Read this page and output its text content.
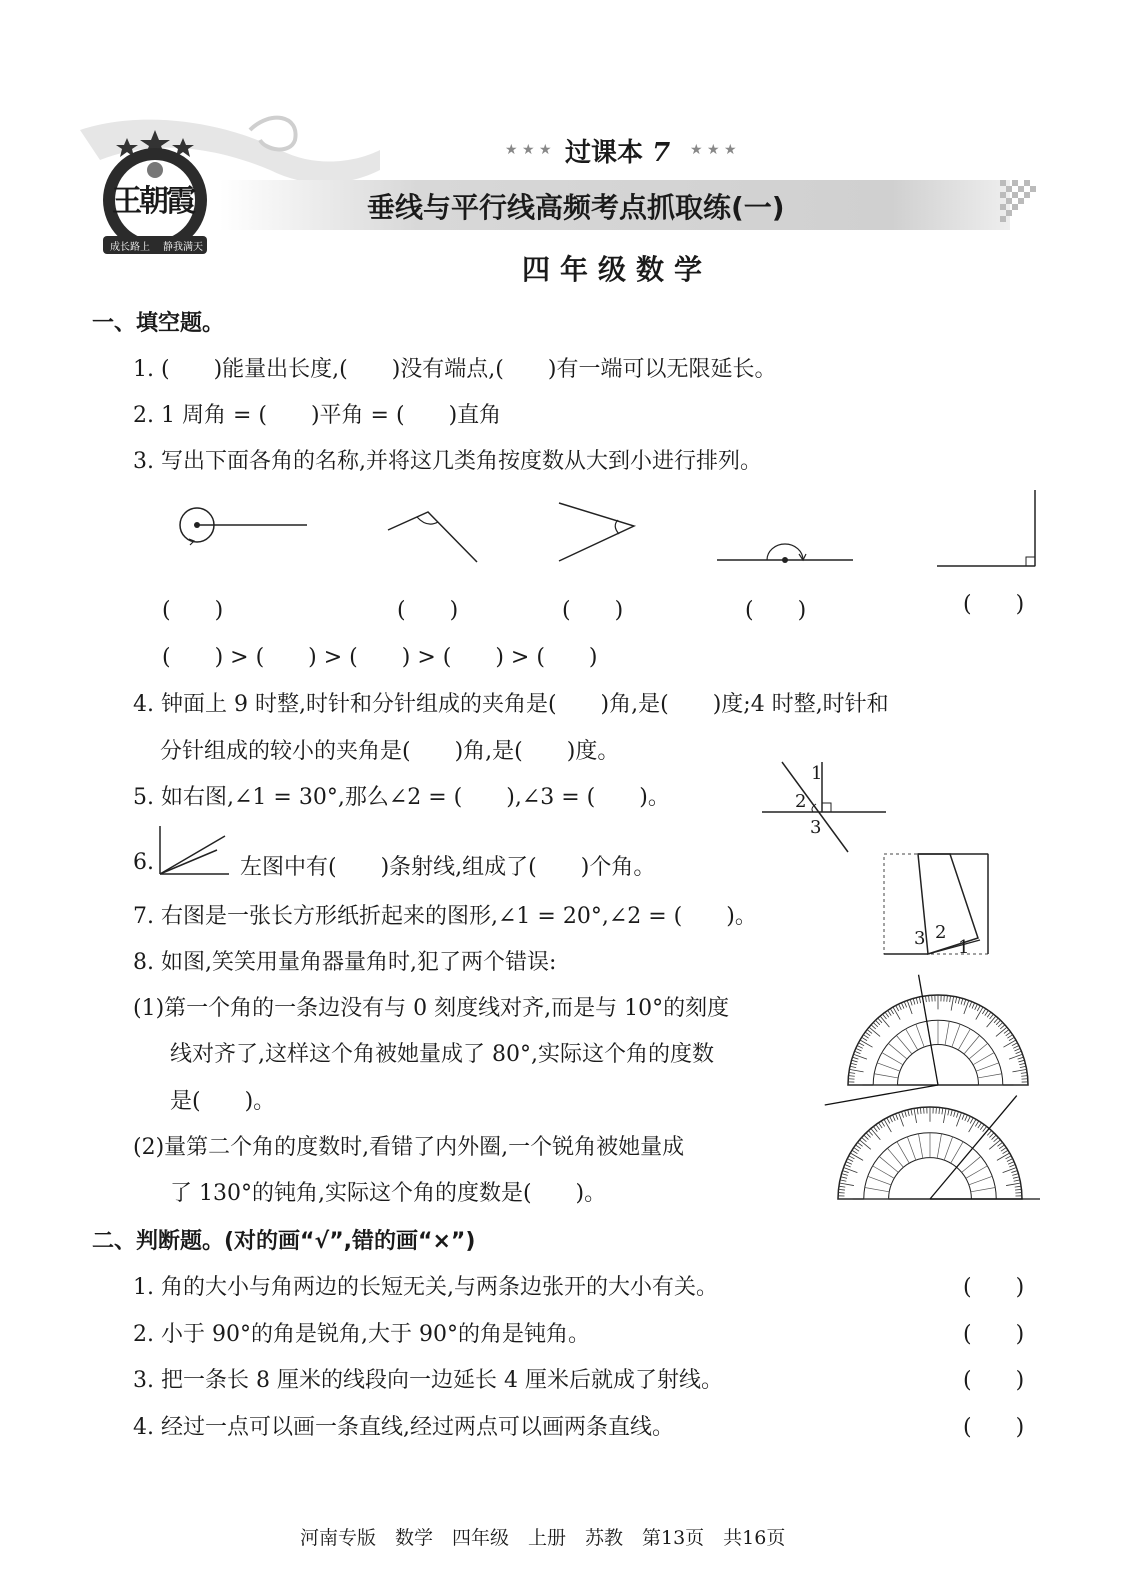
王朝霞
成长路上 静我满天
★ ★ ★ 过课本 7 ★ ★ ★
垂线与平行线高频考点抓取练(一)
四年级数学
一、填空题。
1. (　　)能量出长度,(　　)没有端点,(　　)有一端可以无限延长。
2. 1 周角 = (　　)平角 = (　　)直角
3. 写出下面各角的名称,并将这几类角按度数从大到小进行排列。
(　　)	(　　)	(　　)	(　　)	(　　)
(　　) > (　　) > (　　) > (　　) > (　　)
4. 钟面上 9 时整,时针和分针组成的夹角是(　　)角,是(　　)度;4 时整,时针和
分针组成的较小的夹角是(　　)角,是(　　)度。
5. 如右图,∠1 = 30°,那么∠2 = (　　),∠3 = (　　)。
1
2
3
6.	左图中有(　　)条射线,组成了(　　)个角。
7. 右图是一张长方形纸折起来的图形,∠1 = 20°,∠2 = (　　)。
3 2
1
8. 如图,笑笑用量角器量角时,犯了两个错误:
(1)第一个角的一条边没有与 0 刻度线对齐,而是与 10°的刻度
线对齐了,这样这个角被她量成了 80°,实际这个角的度数
是(　　)。
(2)量第二个角的度数时,看错了内外圈,一个锐角被她量成
了 130°的钝角,实际这个角的度数是(　　)。
二、判断题。(对的画“√”,错的画“×”)
1. 角的大小与角两边的长短无关,与两条边张开的大小有关。	(　　)
2. 小于 90°的角是锐角,大于 90°的角是钝角。	(　　)
3. 把一条长 8 厘米的线段向一边延长 4 厘米后就成了射线。	(　　)
4. 经过一点可以画一条直线,经过两点可以画两条直线。	(　　)
河南专版　数学　四年级　上册　苏教　第13页　共16页
